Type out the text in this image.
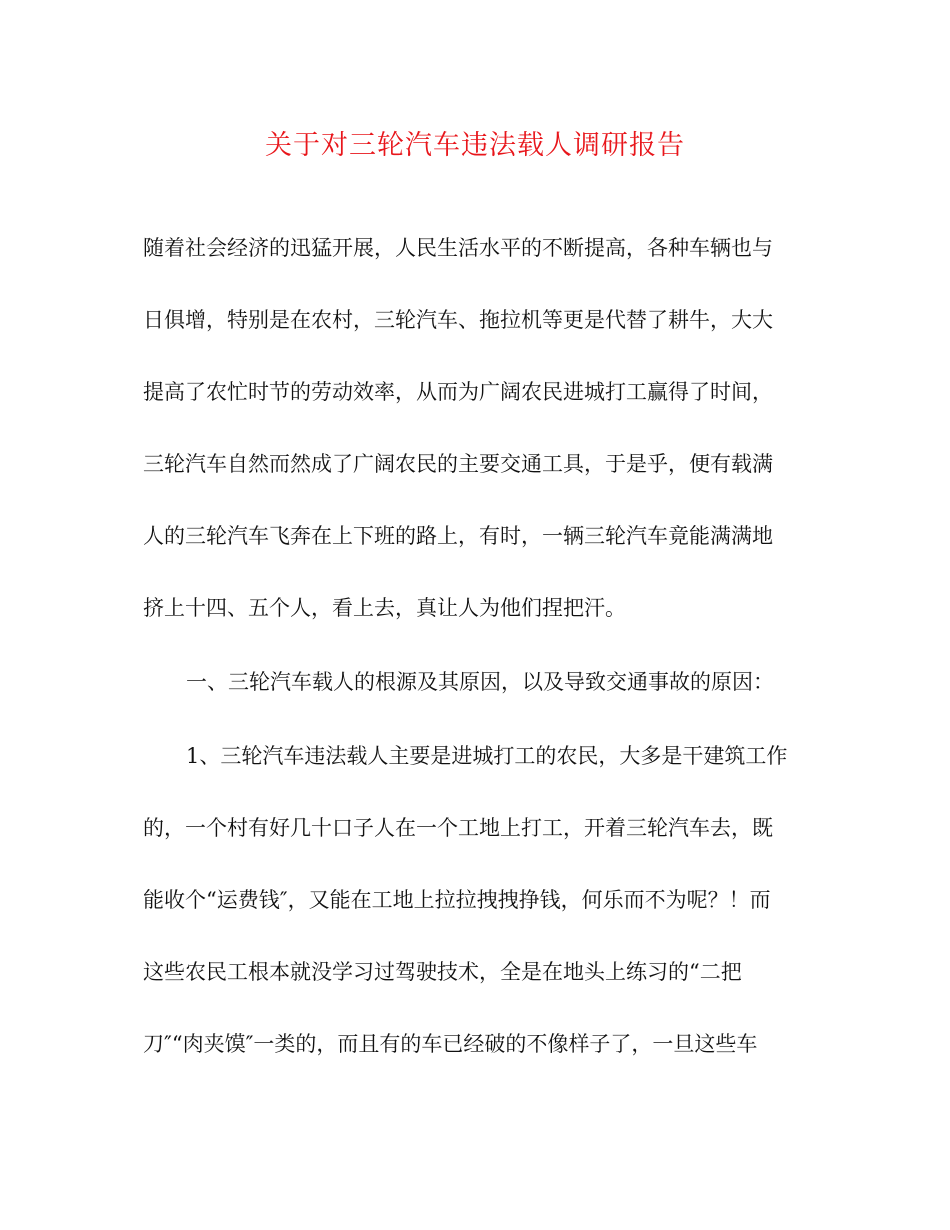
关于对三轮汽车违法载人调研报告
随着社会经济的迅猛开展，人民生活水平的不断提高，各种车辆也与
日俱增，特别是在农村，三轮汽车、拖拉机等更是代替了耕牛，大大
提高了农忙时节的劳动效率，从而为广阔农民进城打工赢得了时间，
三轮汽车自然而然成了广阔农民的主要交通工具，于是乎，便有载满
人的三轮汽车飞奔在上下班的路上，有时，一辆三轮汽车竟能满满地
挤上十四、五个人，看上去，真让人为他们捏把汗。
一、三轮汽车载人的根源及其原因，以及导致交通事故的原因：
1、三轮汽车违法载人主要是进城打工的农民，大多是干建筑工作
的，一个村有好几十口子人在一个工地上打工，开着三轮汽车去，既
能收个“运费钱″，又能在工地上拉拉拽拽挣钱，何乐而不为呢？！而
这些农民工根本就没学习过驾驶技术，全是在地头上练习的“二把
刀″“肉夹馍″一类的，而且有的车已经破的不像样子了，一旦这些车
